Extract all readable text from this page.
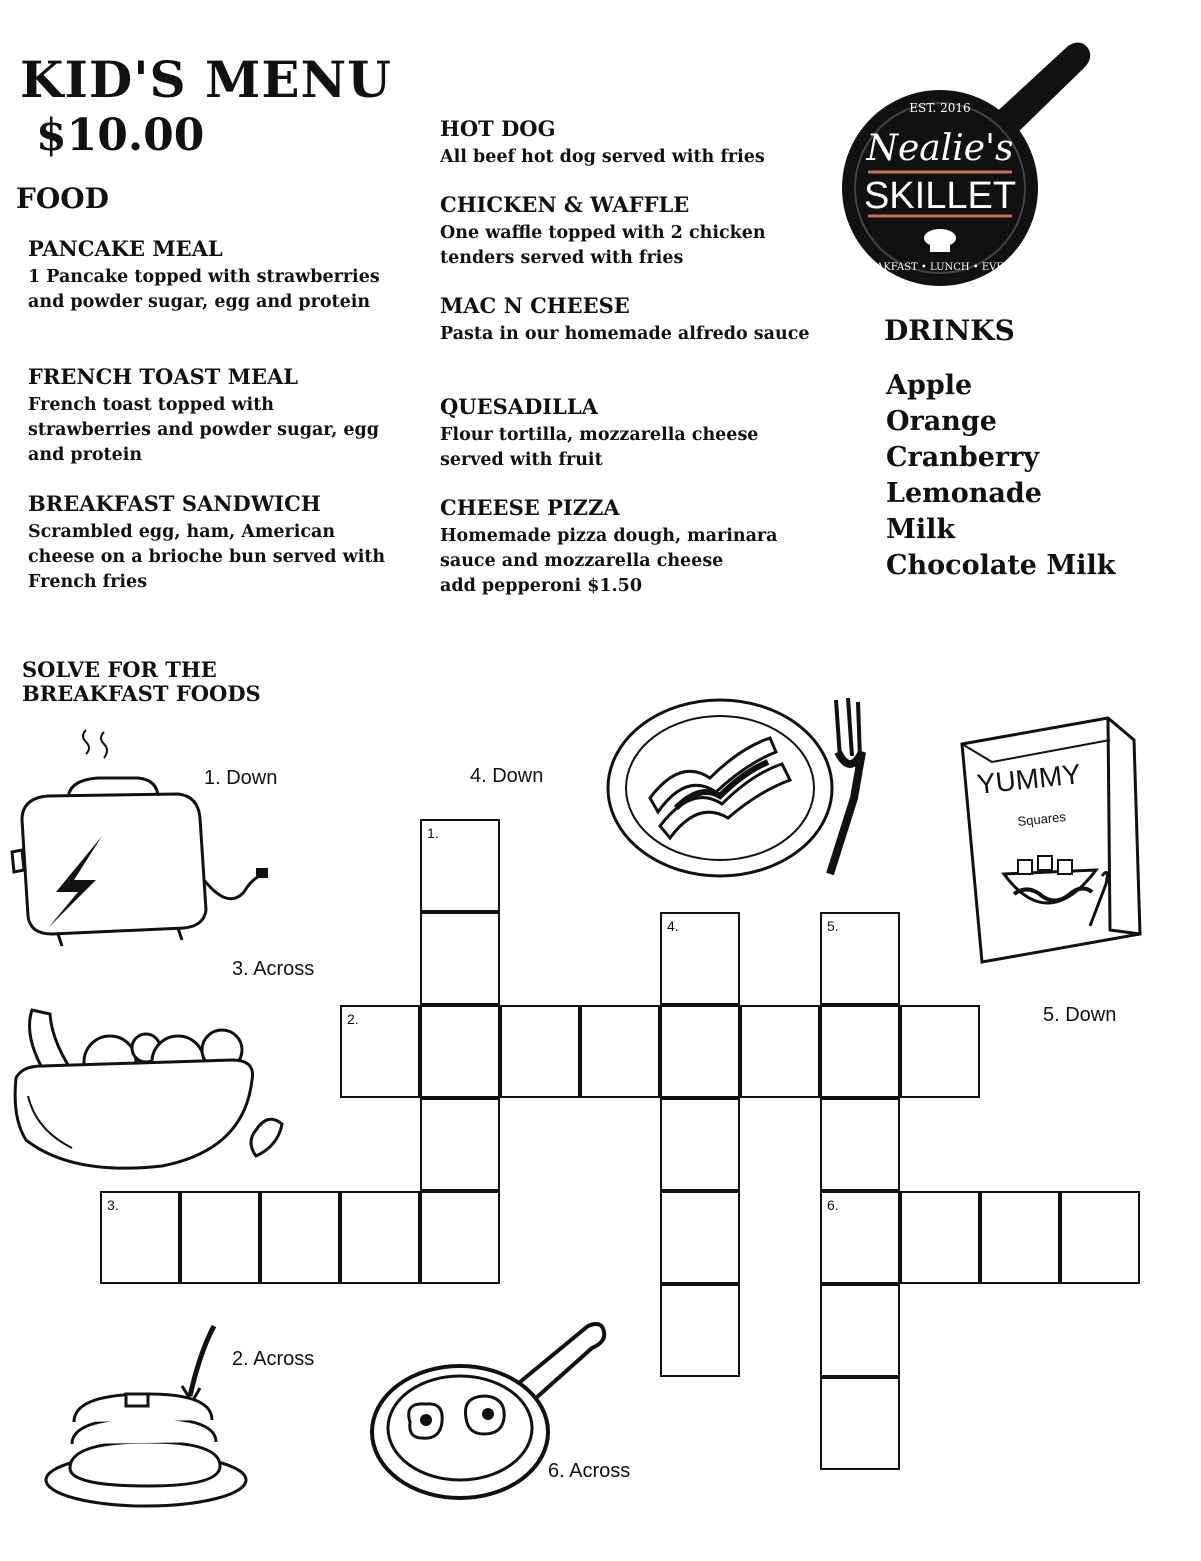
KID'S MENU
$10.00
FOOD
PANCAKE MEAL
1 Pancake topped with strawberries and powder sugar, egg and protein
FRENCH TOAST MEAL
French toast topped with strawberries and powder sugar, egg and protein
BREAKFAST SANDWICH
Scrambled egg, ham, American cheese on a brioche bun served with French fries
HOT DOG
All beef hot dog served with fries
CHICKEN & WAFFLE
One waffle topped with 2 chicken tenders served with fries
MAC N CHEESE
Pasta in our homemade alfredo sauce
QUESADILLA
Flour tortilla, mozzarella cheese served with fruit
CHEESE PIZZA
Homemade pizza dough, marinara sauce and mozzarella cheese
add pepperoni $1.50
EST. 2016
Nealie's
SKILLET
BREAKFAST • LUNCH • EVENTS
DRINKS
Apple
Orange
Cranberry
Lemonade
Milk
Chocolate Milk
SOLVE FOR THE BREAKFAST FOODS
1. Down	4. Down
3. Across
5. Down
2. Across
6. Across
1.
2.
3.
4.	5.
6.
YUMMY
Squares
